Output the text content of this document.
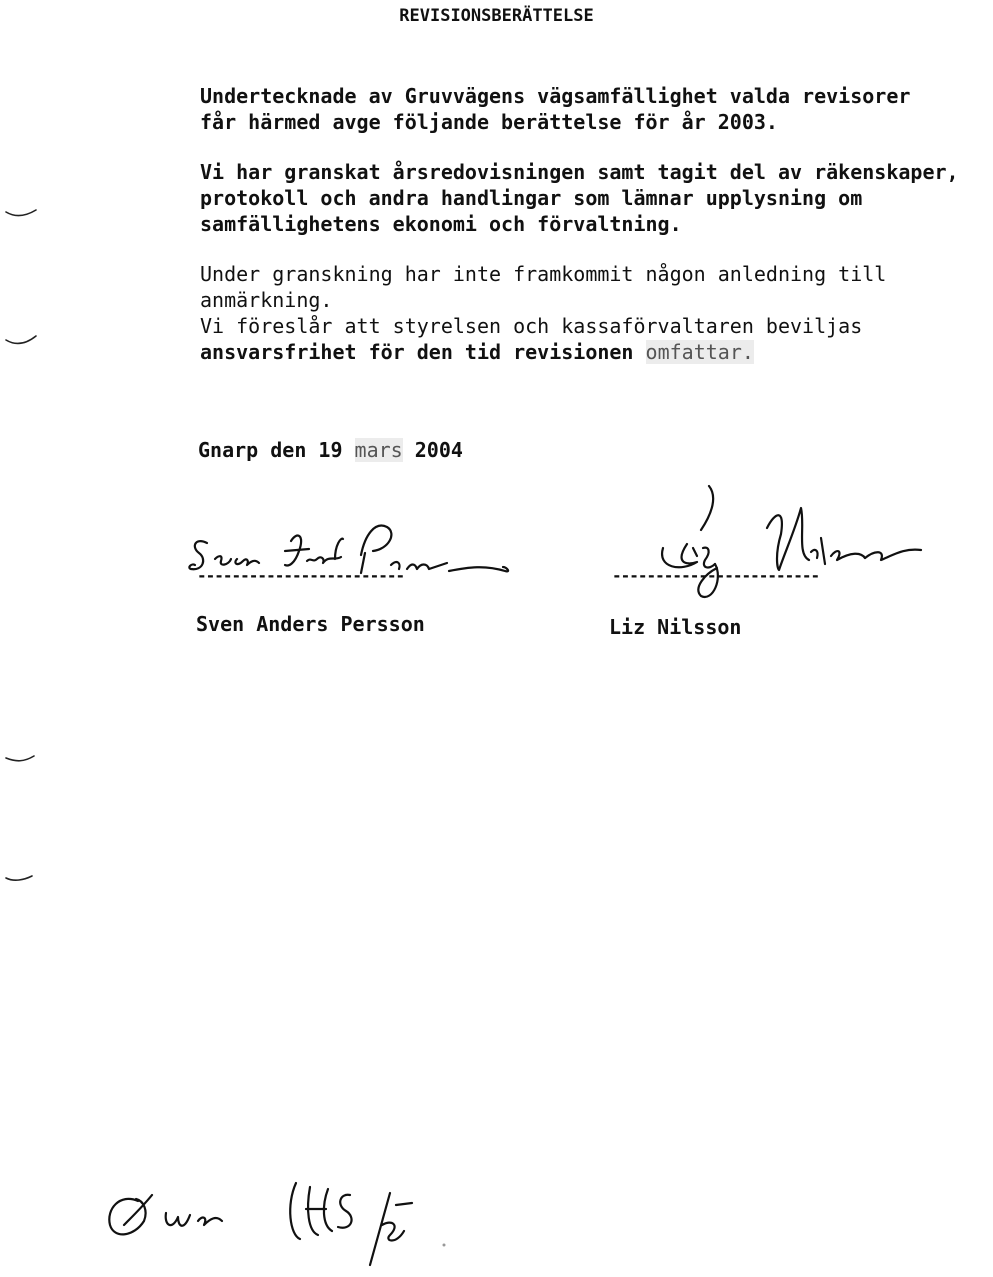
REVISIONSBERÄTTELSE
Undertecknade av Gruvvägens vägsamfällighet valda revisorer
får härmed avge följande berättelse för år 2003.
Vi har granskat årsredovisningen samt tagit del av räkenskaper,
protokoll och andra handlingar som lämnar upplysning om
samfällighetens ekonomi och förvaltning.
Under granskning har inte framkommit någon anledning till
anmärkning.
Vi föreslår att styrelsen och kassaförvaltaren beviljas
ansvarsfrihet för den tid revisionen omfattar.
Gnarp den 19 mars 2004
------------------------
Sven Anders Persson
------------------------
Liz Nilsson
